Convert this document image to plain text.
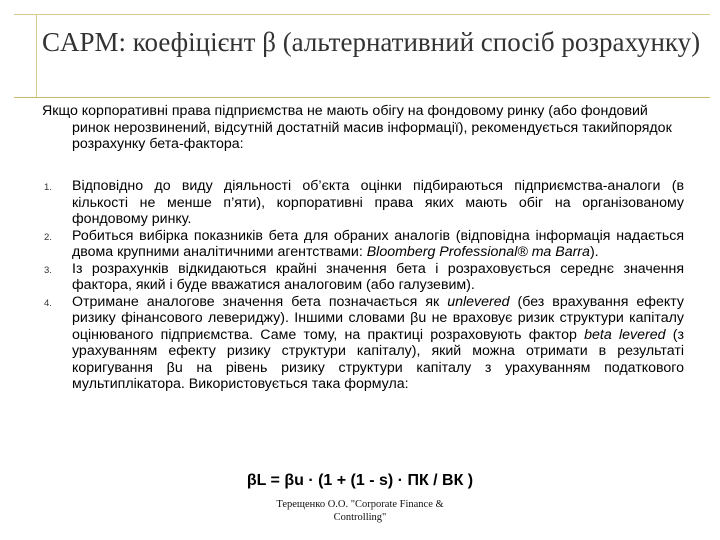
CAPM: коефіцієнт β (альтернативний спосіб розрахунку)

Якщо корпоративні права підприємства не мають обігу на фондовому ринку (або фондовий ринок нерозвинений, відсутній достатній масив інформації), рекомендується такийпорядок розрахунку бета-фактора:

1. Відповідно до виду діяльності об’єкта оцінки підбираються підприємства-аналоги (в кількості не менше п’яти), корпоративні права яких мають обіг на організованому фондовому ринку.
2. Робиться вибірка показників бета для обраних аналогів (відповідна інформація надається двома крупними аналітичними агентствами: Bloomberg Professional® та Barra).
3. Із розрахунків відкидаються крайні значення бета і розраховується середнє значення фактора, який і буде вважатися аналоговим (або галузевим).
4. Отримане аналогове значення бета позначається як unlevered (без врахування ефекту ризику фінансового левериджу). Іншими словами βu не враховує ризик структури капіталу оцінюваного підприємства. Саме тому, на практиці розраховують фактор beta levered (з урахуванням ефекту ризику структури капіталу), який можна отримати в результаті коригування βu на рівень ризику структури капіталу з урахуванням податкового мультиплікатора. Використовується така формула:

βL = βu · (1 + (1 - s) · ПК / ВК )

Терещенко О.О. "Corporate Finance &
Controlling"
